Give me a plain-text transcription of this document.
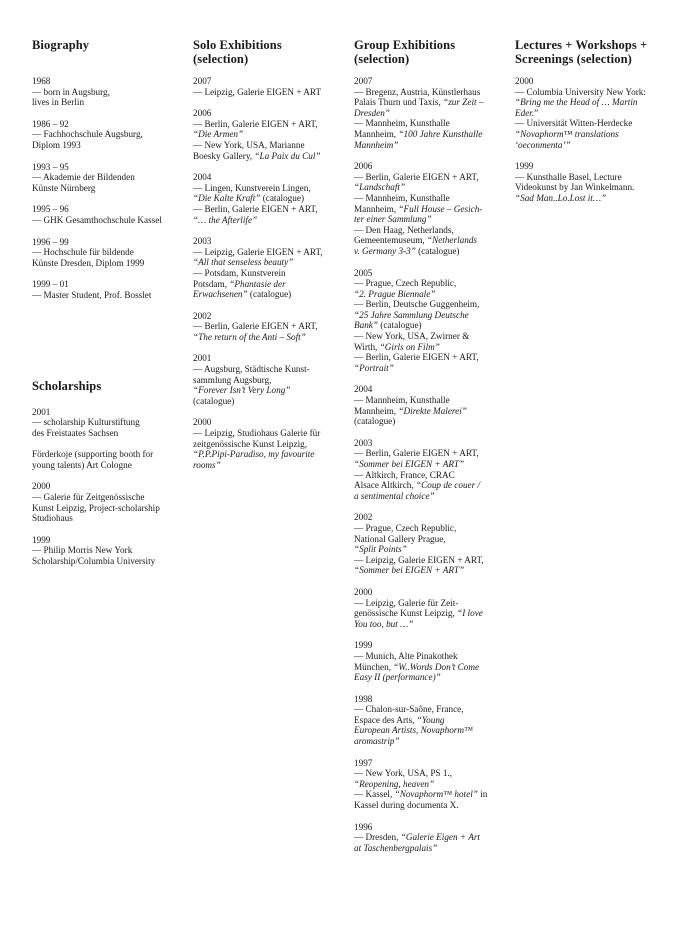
Biography
1968
— born in Augsburg,
lives in Berlin
1986 – 92
— Fachhochschule Augsburg,
Diplom 1993
1993 – 95
— Akademie der Bildenden
Künste Nürnberg
1995 – 96
— GHK Gesamthochschule Kassel
1996 – 99
— Hochschule für bildende
Künste Dresden, Diplom 1999
1999 – 01
— Master Student, Prof. Bosslet
Scholarships
2001
— scholarship Kulturstiftung
des Freistaates Sachsen
Förderkoje (supporting booth for
young talents) Art Cologne
2000
— Galerie für Zeitgenössische
Kunst Leipzig, Project-scholarship
Studiohaus
1999
— Philip Morris New York
Scholarship/Columbia University
Solo Exhibitions
(selection)
2007
— Leipzig, Galerie EIGEN + ART
2006
— Berlin, Galerie EIGEN + ART,
“Die Armen”
— New York, USA, Marianne
Boesky Gallery, “La Paix du Cul”
2004
— Lingen, Kunstverein Lingen,
“Die Kalte Kraft” (catalogue)
— Berlin, Galerie EIGEN + ART,
“… the Afterlife”
2003
— Leipzig, Galerie EIGEN + ART,
“All that senseless beauty”
— Potsdam, Kunstverein
Potsdam, “Phantasie der
Erwachsenen” (catalogue)
2002
— Berlin, Galerie EIGEN + ART,
“The return of the Anti – Soft”
2001
— Augsburg, Städtische Kunst-
sammlung Augsburg,
“Forever Isn’t Very Long”
(catalogue)
2000
— Leipzig, Studiohaus Galerie für
zeitgenössische Kunst Leipzig,
“P.P.Pipi-Paradiso, my favourite
rooms”
Group Exhibitions
(selection)
2007
— Bregenz, Austria, Künstlerhaus
Palais Thurn und Taxis, “zur Zeit –
Dresden”
— Mannheim, Kunsthalle
Mannheim, “100 Jahre Kunsthalle
Mannheim”
2006
— Berlin, Galerie EIGEN + ART,
“Landschaft”
— Mannheim, Kunsthalle
Mannheim, “Full House – Gesich-
ter einer Sammlung”
— Den Haag, Netherlands,
Gemeentemuseum, “Netherlands
v. Germany 3-3” (catalogue)
2005
— Prague, Czech Republic,
“2. Prague Biennale”
— Berlin, Deutsche Guggenheim,
“25 Jahre Sammlung Deutsche
Bank” (catalogue)
— New York, USA, Zwirner &
Wirth, “Girls on Film”
— Berlin, Galerie EIGEN + ART,
“Portrait”
2004
— Mannheim, Kunsthalle
Mannheim, “Direkte Malerei”
(catalogue)
2003
— Berlin, Galerie EIGEN + ART,
“Sommer bei EIGEN + ART”
— Altkirch, France, CRAC
Alsace Altkirch, “Coup de couer /
a sentimental choice”
2002
— Prague, Czech Republic,
National Gallery Prague,
“Split Points”
— Leipzig, Galerie EIGEN + ART,
“Sommer bei EIGEN + ART”
2000
— Leipzig, Galerie für Zeit-
genössische Kunst Leipzig, “I love
You too, but …”
1999
— Munich, Alte Pinakothek
München, “W..Words Don’t Come
Easy II (performance)”
1998
— Chalon-sur-Saône, France,
Espace des Arts, “Young
European Artists, Novaphorm™
aromastrip”
1997
— New York, USA, PS 1.,
“Reopening, heaven”
— Kassel, “Novaphorm™ hotel” in
Kassel during documenta X.
1996
— Dresden, “Galerie Eigen + Art
at Taschenbergpalais”
Lectures + Workshops +
Screenings (selection)
2000
— Columbia University New York:
“Bring me the Head of … Martin
Eder.”
— Universität Witten-Herdecke
“Novaphorm™ translations
‘oeconmenta’”
1999
— Kunsthalle Basel, Lecture
Videokunst by Jan Winkelmann.
“Sad Man..Lo.Lost it…”
